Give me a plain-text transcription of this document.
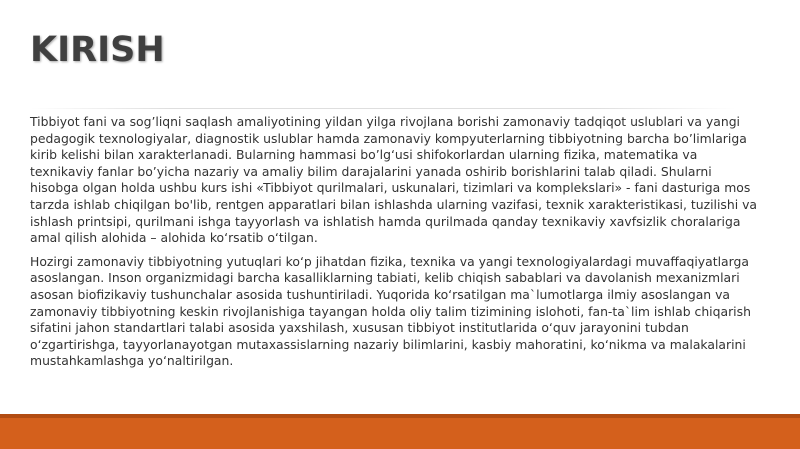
KIRISH

Tibbiyot fani va sog’liqni saqlash amaliyotining yildan yilga rivojlana borishi zamonaviy tadqiqot uslublari va yangi pedagogik texnologiyalar, diagnostik uslublar hamda zamonaviy kompyuterlarning tibbiyotning barcha bo’limlariga kirib kelishi bilan xarakterlanadi. Bularning hammasi bo’lg‘usi shifokorlardan ularning fizika, matematika va texnikaviy fanlar bo’yicha nazariy va amaliy bilim darajalarini yanada oshirib borishlarini talab qiladi. Shularni hisobga olgan holda ushbu kurs ishi «Tibbiyot qurilmalari, uskunalari, tizimlari va komplekslari» - fani dasturiga mos tarzda ishlab chiqilgan bo'lib, rentgen apparatlari bilan ishlashda ularning vazifasi, texnik xarakteristikasi, tuzilishi va ishlash printsipi, qurilmani ishga tayyorlash va ishlatish hamda qurilmada qanday texnikaviy xavfsizlik choralariga amal qilish alohida – alohida ko‘rsatib o‘tilgan.

Hozirgi zamonaviy tibbiyotning yutuqlari ko‘p jihatdan fizika, texnika va yangi texnologiyalardagi muvaffaqiyatlarga asoslangan. Inson organizmidagi barcha kasalliklarning tabiati, kelib chiqish sabablari va davolanish mexanizmlari asosan biofizikaviy tushunchalar asosida tushuntiriladi. Yuqorida ko‘rsatilgan ma`lumotlarga ilmiy asoslangan va zamonaviy tibbiyotning keskin rivojlanishiga tayangan holda oliy talim tizimining islohoti, fan-ta`lim ishlab chiqarish sifatini jahon standartlari talabi asosida yaxshilash, xususan tibbiyot institutlarida o‘quv jarayonini tubdan o‘zgartirishga, tayyorlanayotgan mutaxassislarning nazariy bilimlarini, kasbiy mahoratini, ko‘nikma va malakalarini mustahkamlashga yo‘naltirilgan.
